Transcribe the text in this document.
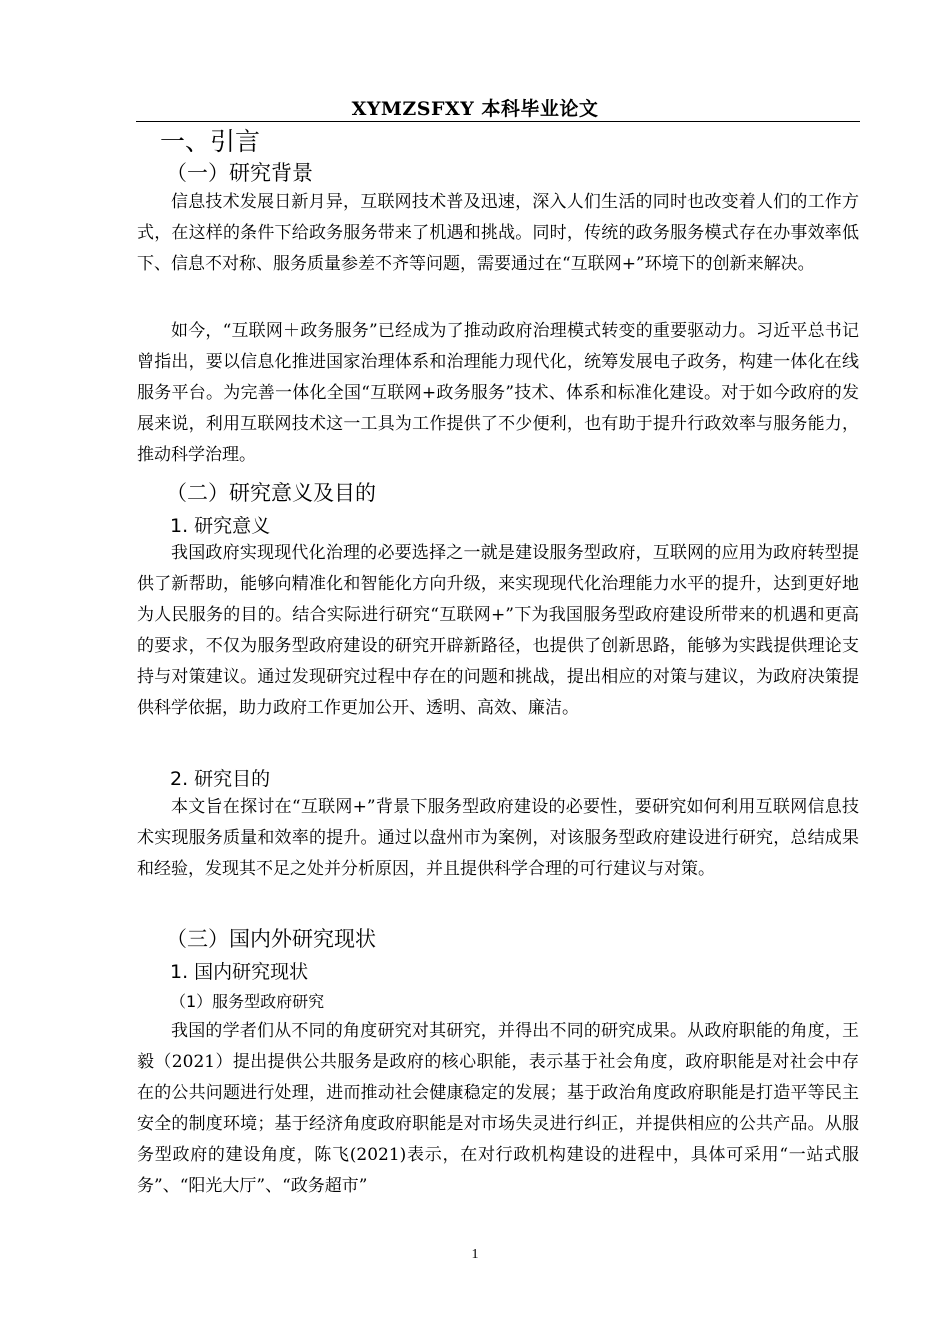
XYMZSFXY 本科毕业论文
一、引言
（一）研究背景

信息技术发展日新月异，互联网技术普及迅速，深入人们生活的同时也改变着人们的工作方式，在这样的条件下给政务服务带来了机遇和挑战。同时，传统的政务服务模式存在办事效率低下、信息不对称、服务质量参差不齐等问题，需要通过在“互联网+”环境下的创新来解决。

如今，“互联网＋政务服务”已经成为了推动政府治理模式转变的重要驱动力。习近平总书记曾指出，要以信息化推进国家治理体系和治理能力现代化，统筹发展电子政务，构建一体化在线服务平台。为完善一体化全国“互联网+政务服务”技术、体系和标准化建设。对于如今政府的发展来说，利用互联网技术这一工具为工作提供了不少便利，也有助于提升行政效率与服务能力，推动科学治理。

（二）研究意义及目的
1. 研究意义

我国政府实现现代化治理的必要选择之一就是建设服务型政府，互联网的应用为政府转型提供了新帮助，能够向精准化和智能化方向升级，来实现现代化治理能力水平的提升，达到更好地为人民服务的目的。结合实际进行研究“互联网+”下为我国服务型政府建设所带来的机遇和更高的要求，不仅为服务型政府建设的研究开辟新路径，也提供了创新思路，能够为实践提供理论支持与对策建议。通过发现研究过程中存在的问题和挑战，提出相应的对策与建议，为政府决策提供科学依据，助力政府工作更加公开、透明、高效、廉洁。

2. 研究目的

本文旨在探讨在“互联网+”背景下服务型政府建设的必要性，要研究如何利用互联网信息技术实现服务质量和效率的提升。通过以盘州市为案例，对该服务型政府建设进行研究，总结成果和经验，发现其不足之处并分析原因，并且提供科学合理的可行建议与对策。

（三）国内外研究现状
1. 国内研究现状
（1）服务型政府研究

我国的学者们从不同的角度研究对其研究，并得出不同的研究成果。从政府职能的角度，王毅（2021）提出提供公共服务是政府的核心职能，表示基于社会角度，政府职能是对社会中存在的公共问题进行处理，进而推动社会健康稳定的发展；基于政治角度政府职能是打造平等民主安全的制度环境；基于经济角度政府职能是对市场失灵进行纠正，并提供相应的公共产品。从服务型政府的建设角度，陈飞(2021)表示，在对行政机构建设的进程中，具体可采用“一站式服务”、“阳光大厅”、“政务超市”

1
